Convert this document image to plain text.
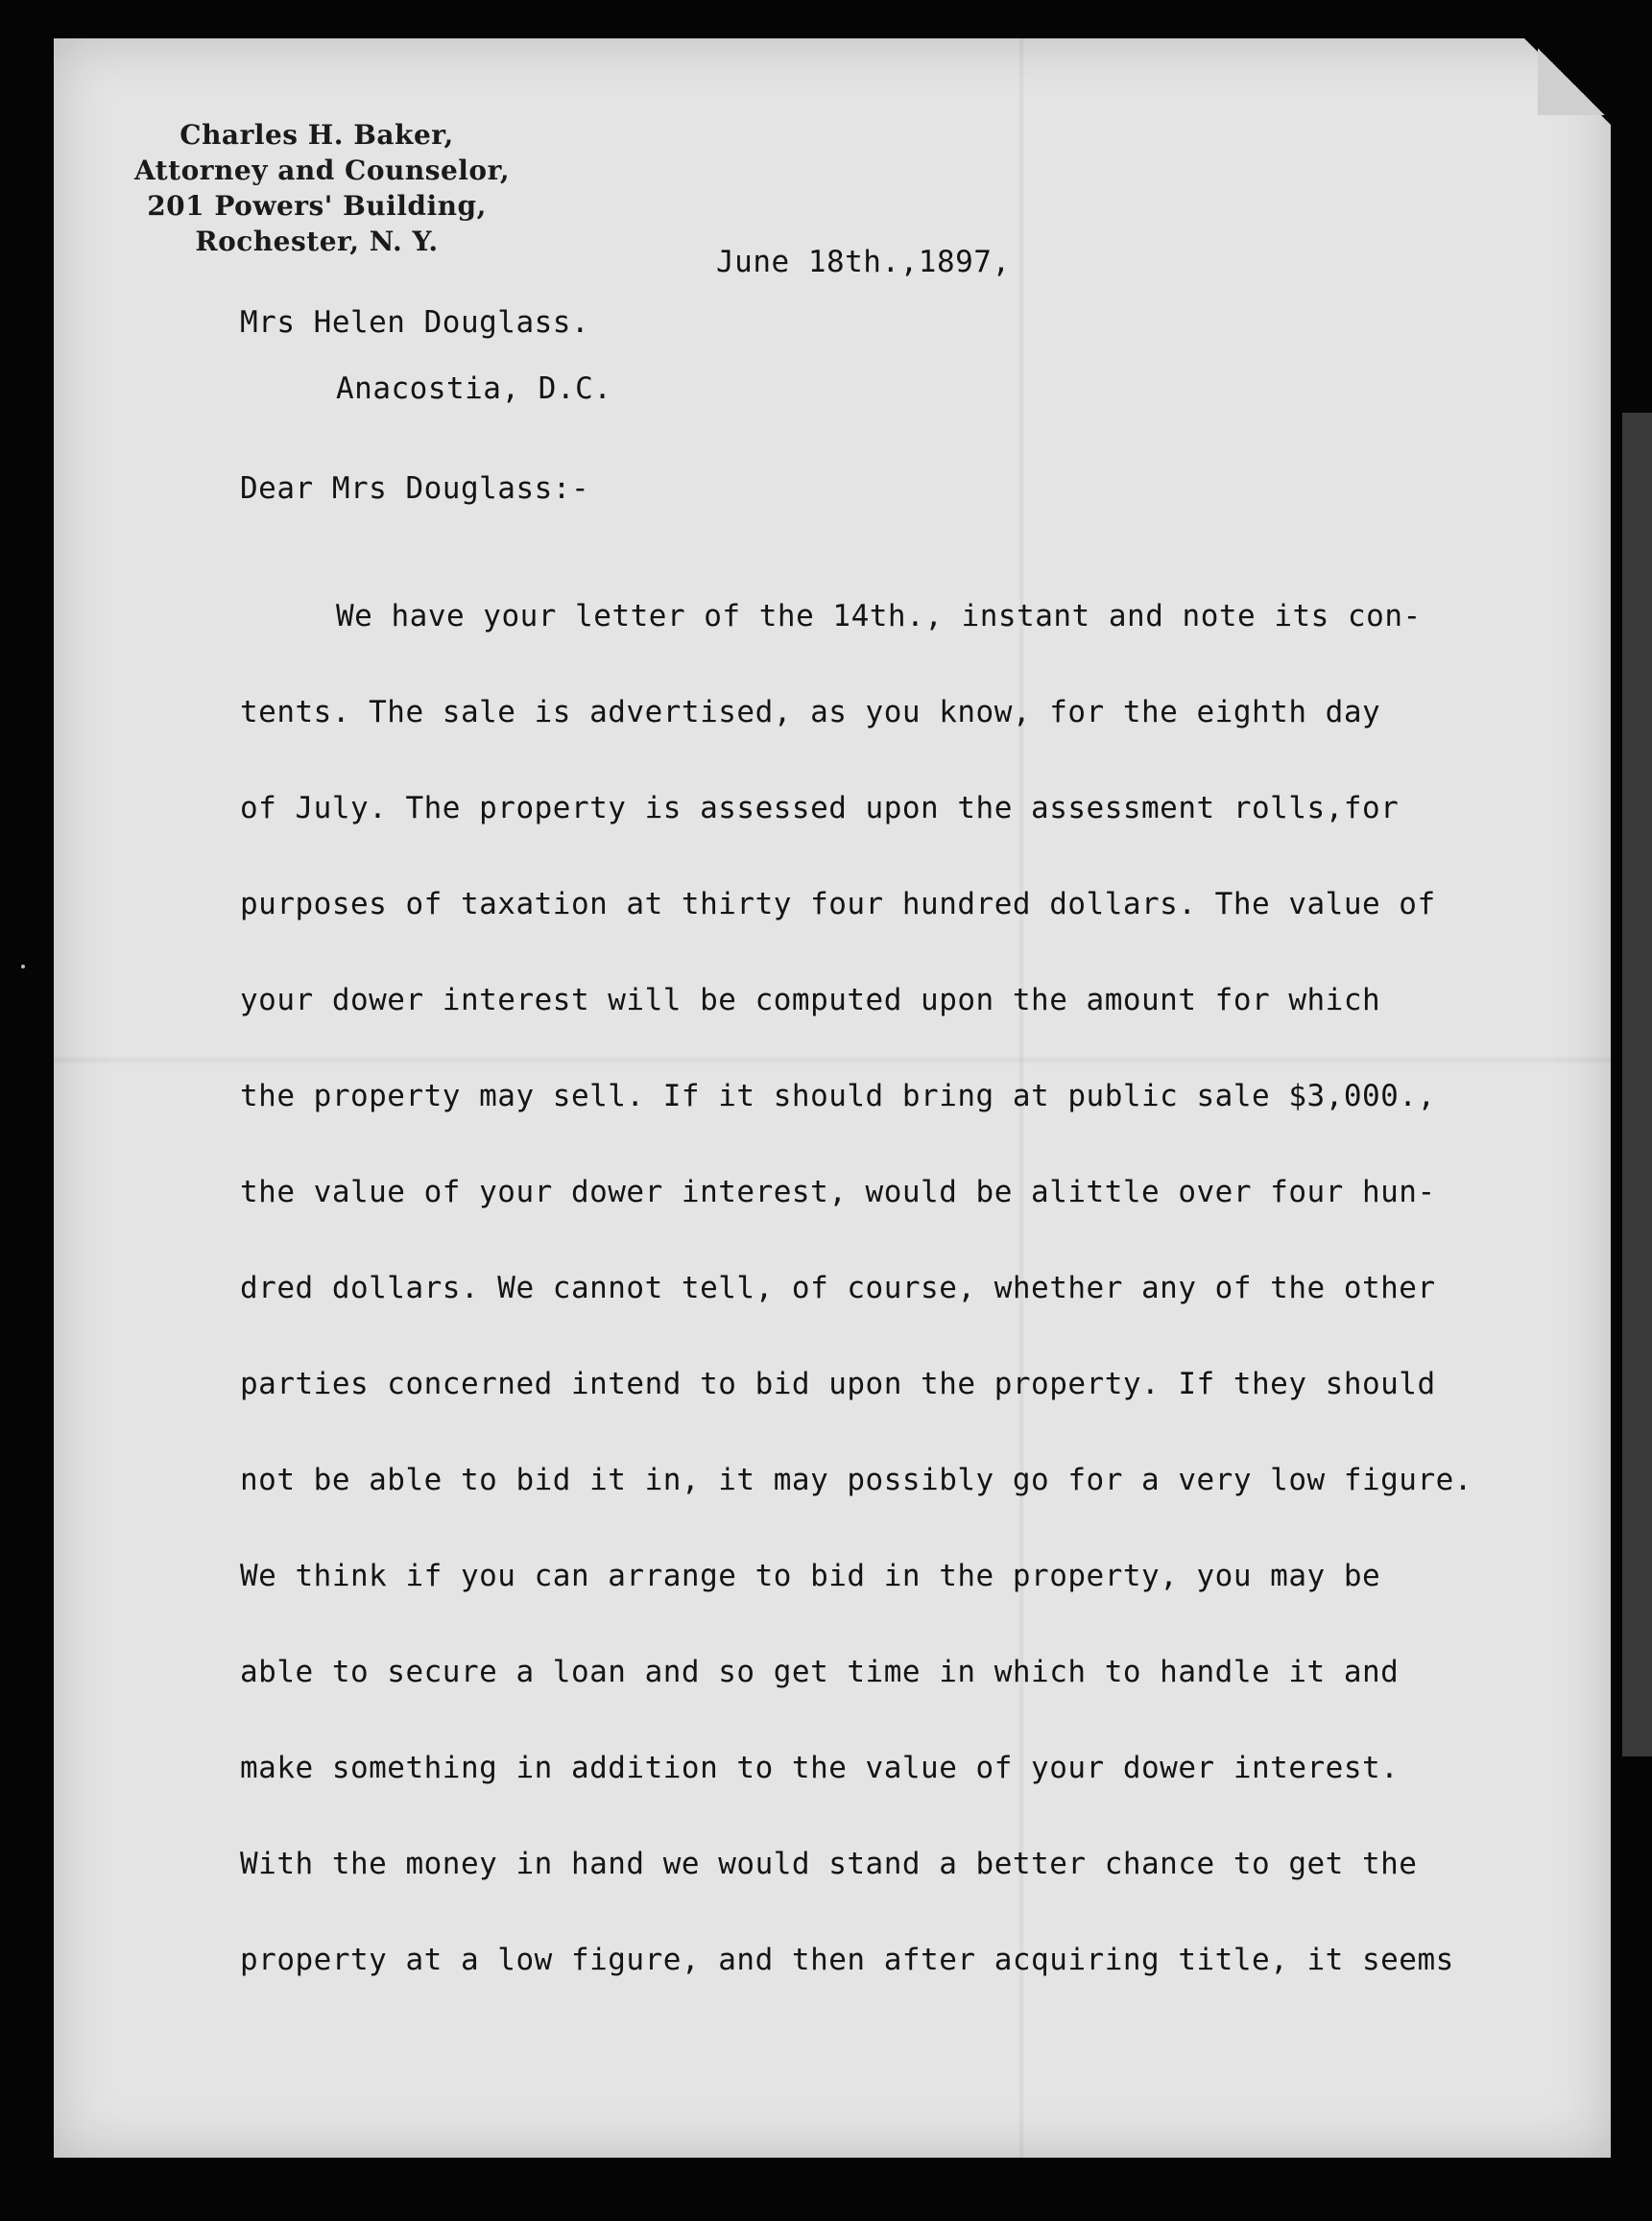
Charles H. Baker,
Attorney and Counselor,
201 Powers' Building,
Rochester, N. Y.
June 18th.,1897,
Mrs Helen Douglass.
Anacostia, D.C.
Dear Mrs Douglass:-
We have your letter of the 14th., instant and note its con-
tents. The sale is advertised, as you know, for the eighth day
of July. The property is assessed upon the assessment rolls,for
purposes of taxation at thirty four hundred dollars. The value of
your dower interest will be computed upon the amount for which
the property may sell. If it should bring at public sale $3,000.,
the value of your dower interest, would be alittle over four hun-
dred dollars. We cannot tell, of course, whether any of the other
parties concerned intend to bid upon the property. If they should
not be able to bid it in, it may possibly go for a very low figure.
We think if you can arrange to bid in the property, you may be
able to secure a loan and so get time in which to handle it and
make something in addition to the value of your dower interest.
With the money in hand we would stand a better chance to get the
property at a low figure, and then after acquiring title, it seems
